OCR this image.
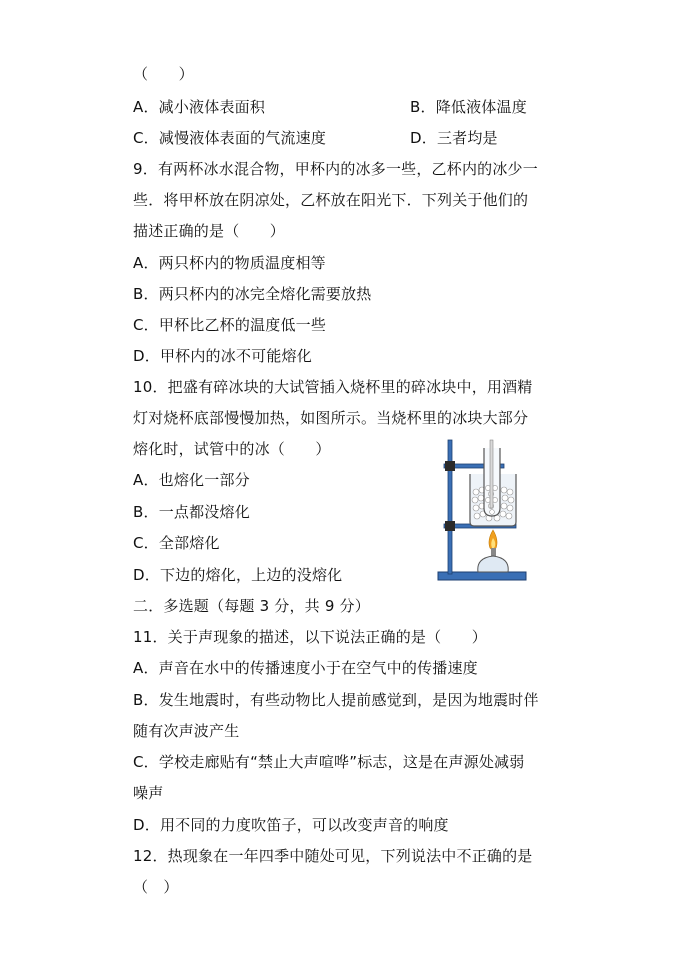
（　　）
A．减小液体表面积
C．减慢液体表面的气流速度
9．有两杯冰水混合物，甲杯内的冰多一些，乙杯内的冰少一
些．将甲杯放在阴凉处，乙杯放在阳光下．下列关于他们的
描述正确的是（　　）
A．两只杯内的物质温度相等
B．两只杯内的冰完全熔化需要放热
C．甲杯比乙杯的温度低一些
D．甲杯内的冰不可能熔化
10．把盛有碎冰块的大试管插入烧杯里的碎冰块中，用酒精
灯对烧杯底部慢慢加热，如图所示。当烧杯里的冰块大部分
熔化时，试管中的冰（　　）
A．也熔化一部分
B．一点都没熔化
C．全部熔化
D．下边的熔化，上边的没熔化
二．多选题（每题 3 分，共 9 分）
11．关于声现象的描述，以下说法正确的是（　　）
A．声音在水中的传播速度小于在空气中的传播速度
B．发生地震时，有些动物比人提前感觉到，是因为地震时伴
随有次声波产生
C．学校走廊贴有“禁止大声喧哗”标志，这是在声源处减弱
噪声
D．用不同的力度吹笛子，可以改变声音的响度
12．热现象在一年四季中随处可见，下列说法中不正确的是
（　）
B．降低液体温度
D．三者均是
